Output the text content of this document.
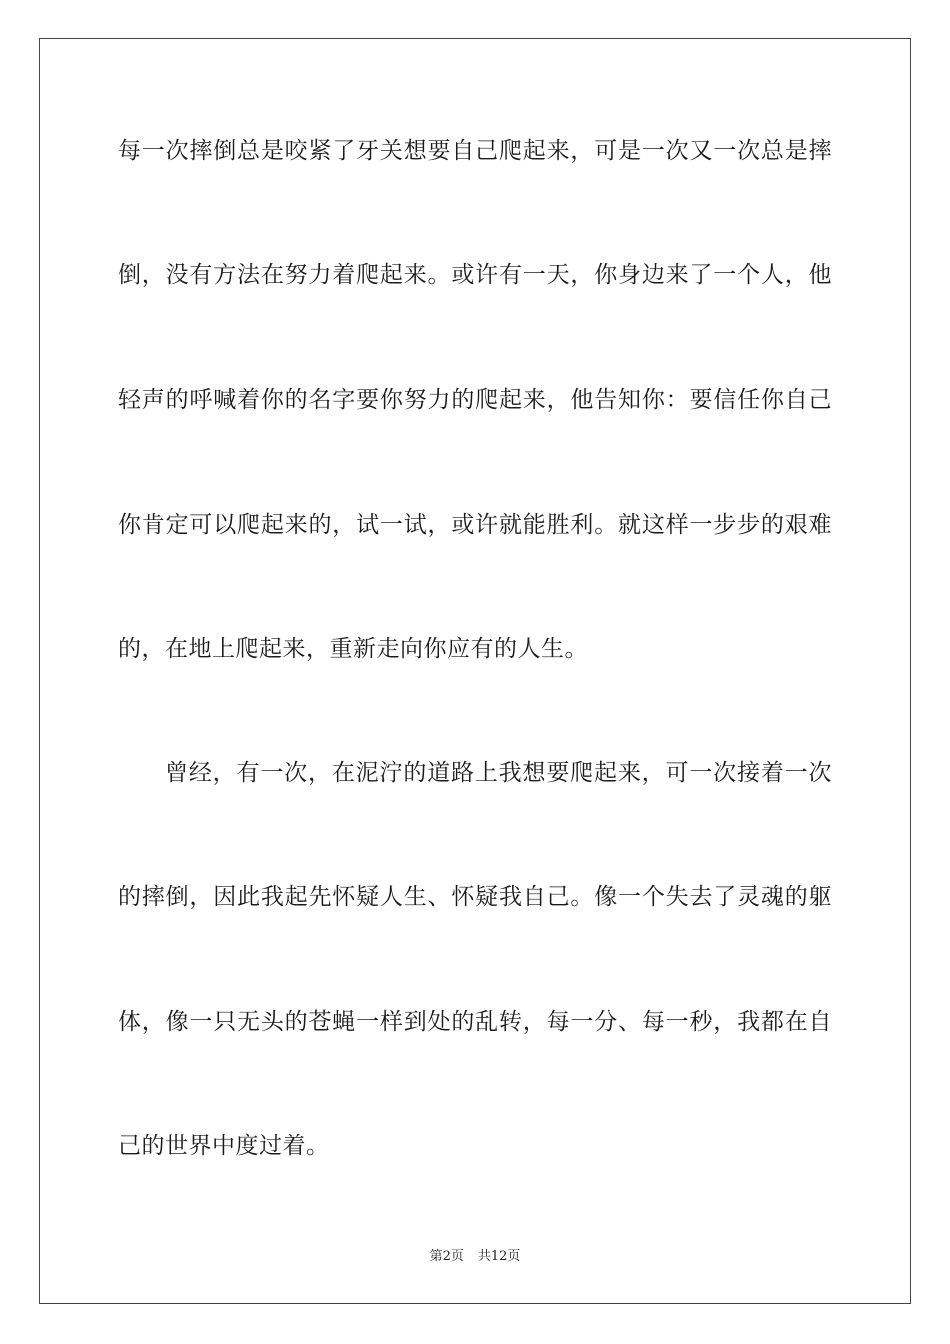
每一次摔倒总是咬紧了牙关想要自己爬起来，可是一次又一次总是摔
倒，没有方法在努力着爬起来。或许有一天，你身边来了一个人，他
轻声的呼喊着你的名字要你努力的爬起来，他告知你：要信任你自己
你肯定可以爬起来的，试一试，或许就能胜利。就这样一步步的艰难
的，在地上爬起来，重新走向你应有的人生。
曾经，有一次，在泥泞的道路上我想要爬起来，可一次接着一次
的摔倒，因此我起先怀疑人生、怀疑我自己。像一个失去了灵魂的躯
体，像一只无头的苍蝇一样到处的乱转，每一分、每一秒，我都在自
己的世界中度过着。
第2页 共12页
